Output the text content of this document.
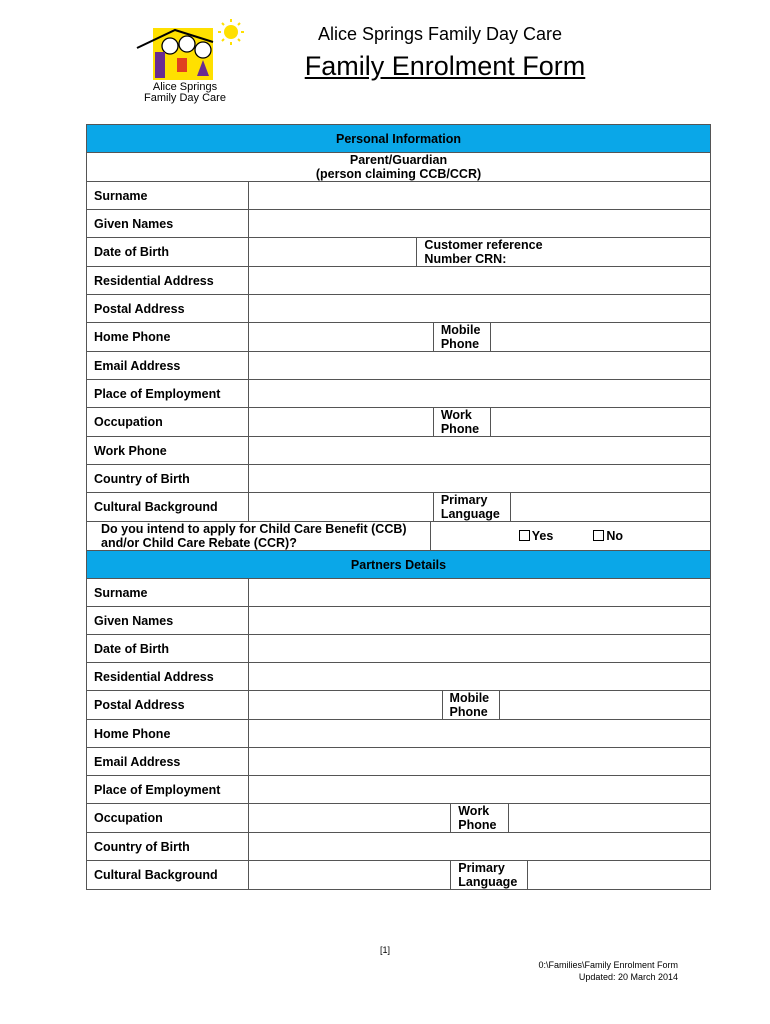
Alice Springs
Family Day Care
Alice Springs Family Day Care
Family Enrolment Form
Personal Information	

Parent/Guardian
(person claiming CCB/CCR)	

Surname	
Given Names	
Date of Birth	Customer reference
Number CRN:

Residential Address	
Postal Address	
Home Phone	Mobile
Phone

Email Address	
Place of Employment	
Occupation	Work
Phone

Work Phone	
Country of Birth	
Cultural Background	Primary
Language

Do you intend to apply for Child Care Benefit (CCB)
and/or Child Care Rebate (CCR)? Yes No	

Partners Details	
Surname	
Given Names	
Date of Birth	
Residential Address	
Postal Address	Mobile
Phone

Home Phone	
Email Address	
Place of Employment	
Occupation	Work
Phone

Country of Birth	
Cultural Background	Primary
Language
[1]
0:\Families\Family Enrolment Form
Updated: 20 March 2014
